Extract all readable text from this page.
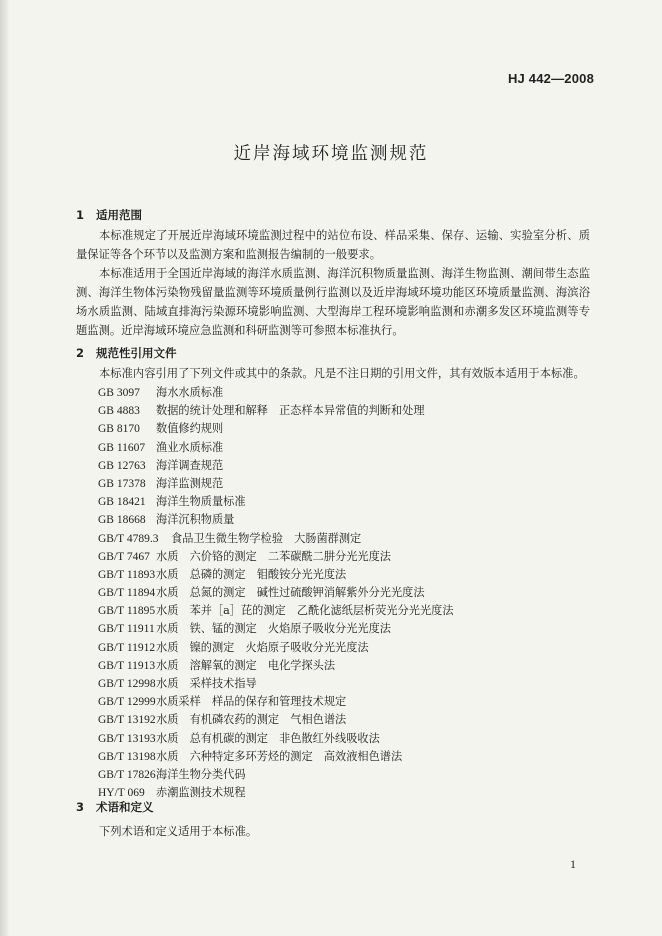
HJ 442—2008
近岸海域环境监测规范
1 适用范围

本标准规定了开展近岸海域环境监测过程中的站位布设、样品采集、保存、运输、实验室分析、质量保证等各个环节以及监测方案和监测报告编制的一般要求。

本标准适用于全国近岸海域的海洋水质监测、海洋沉积物质量监测、海洋生物监测、潮间带生态监测、海洋生物体污染物残留量监测等环境质量例行监测以及近岸海域环境功能区环境质量监测、海滨浴场水质监测、陆域直排海污染源环境影响监测、大型海岸工程环境影响监测和赤潮多发区环境监测等专题监测。近岸海域环境应急监测和科研监测等可参照本标准执行。

2 规范性引用文件

本标准内容引用了下列文件或其中的条款。凡是不注日期的引用文件，其有效版本适用于本标准。

GB 3097 海水水质标准
GB 4883 数据的统计处理和解释　正态样本异常值的判断和处理
GB 8170 数值修约规则
GB 11607 渔业水质标准
GB 12763 海洋调查规范
GB 17378 海洋监测规范
GB 18421 海洋生物质量标准
GB 18668 海洋沉积物质量
GB/T 4789.3 食品卫生微生物学检验　大肠菌群测定
GB/T 7467 水质　六价铬的测定　二苯碳酰二肼分光光度法
GB/T 11893水质　总磷的测定　钼酸铵分光光度法
GB/T 11894水质　总氮的测定　碱性过硫酸钾消解紫外分光光度法
GB/T 11895水质　苯并［a］芘的测定　乙酰化滤纸层析荧光分光光度法
GB/T 11911水质　铁、锰的测定　火焰原子吸收分光光度法
GB/T 11912水质　镍的测定　火焰原子吸收分光光度法
GB/T 11913水质　溶解氧的测定　电化学探头法
GB/T 12998水质　采样技术指导
GB/T 12999水质采样　样品的保存和管理技术规定
GB/T 13192水质　有机磷农药的测定　气相色谱法
GB/T 13193水质　总有机碳的测定　非色散红外线吸收法
GB/T 13198水质　六种特定多环芳烃的测定　高效液相色谱法
GB/T 17826海洋生物分类代码
HY/T 069 赤潮监测技术规程
3 术语和定义

下列术语和定义适用于本标准。

1
